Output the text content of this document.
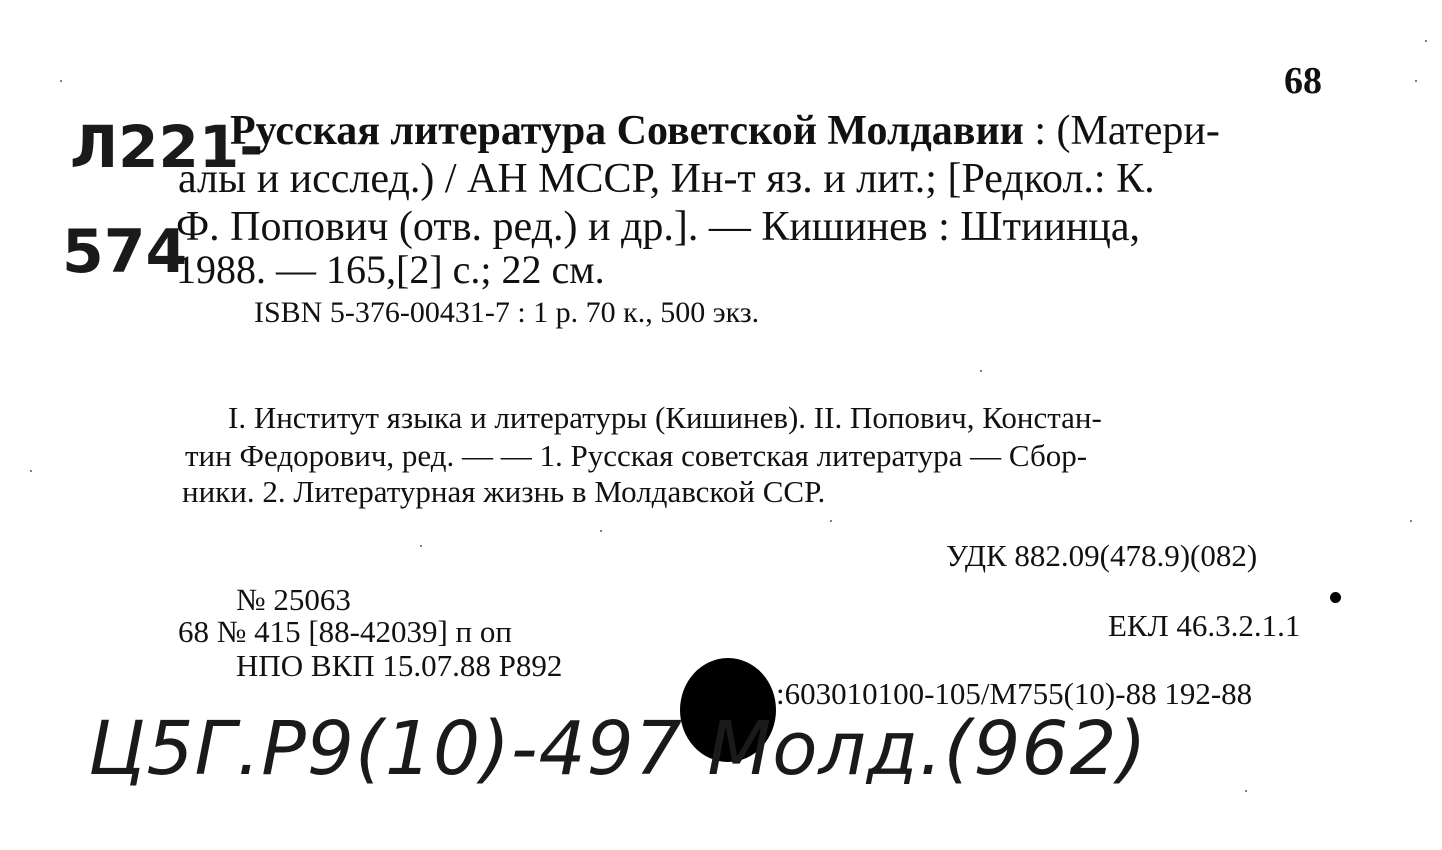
68
Л221-
574
Русская литература Советской Молдавии : (Матери-
алы и исслед.) / АН МССР, Ин-т яз. и лит.; [Редкол.: К.
Ф. Попович (отв. ред.) и др.]. — Кишинев : Штиинца,
1988. — 165,[2] с.; 22 см.
ISBN 5-376-00431-7 : 1 р. 70 к., 500 экз.
I. Институт языка и литературы (Кишинев). II. Попович, Констан-
тин Федорович, ред. — — 1. Русская советская литература — Сбор-
ники. 2. Литературная жизнь в Молдавской ССР.
УДК 882.09(478.9)(082)
ЕКЛ 46.3.2.1.1
№ 25063
68 № 415 [88-42039] п оп
НПО ВКП 15.07.88 Р892
:603010100-105/М755(10)-88 192-88
Ц5Г.Р9(10)-497 Молд.(962)
